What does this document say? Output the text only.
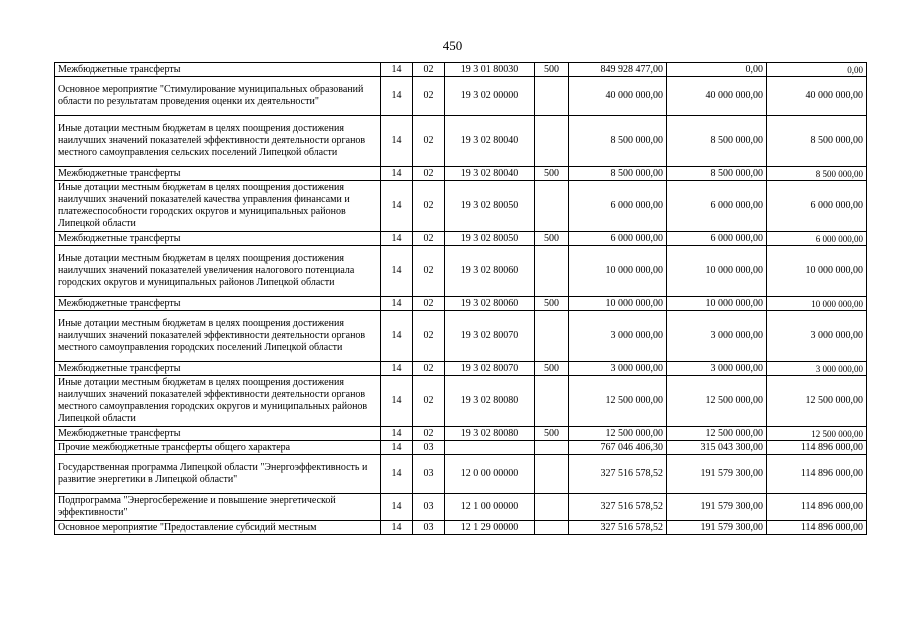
450
Межбюджетные трансферты	14	02	19 3 01 80030	500	849 928 477,00	0,00	0,00
Основное мероприятие "Стимулирование муниципальных образований области по результатам проведения оценки их деятельности"	14	02	19 3 02 00000		40 000 000,00	40 000 000,00	40 000 000,00
Иные дотации местным бюджетам в целях поощрения достижения наилучших значений показателей эффективности деятельности органов местного самоуправления сельских поселений Липецкой области	14	02	19 3 02 80040		8 500 000,00	8 500 000,00	8 500 000,00
Межбюджетные трансферты	14	02	19 3 02 80040	500	8 500 000,00	8 500 000,00	8 500 000,00
Иные дотации местным бюджетам в целях поощрения достижения наилучших значений показателей качества управления финансами и платежеспособности городских округов и муниципальных районов Липецкой области	14	02	19 3 02 80050		6 000 000,00	6 000 000,00	6 000 000,00
Межбюджетные трансферты	14	02	19 3 02 80050	500	6 000 000,00	6 000 000,00	6 000 000,00
Иные дотации местным бюджетам в целях поощрения достижения наилучших значений показателей увеличения налогового потенциала городских округов и муниципальных районов Липецкой области	14	02	19 3 02 80060		10 000 000,00	10 000 000,00	10 000 000,00
Межбюджетные трансферты	14	02	19 3 02 80060	500	10 000 000,00	10 000 000,00	10 000 000,00
Иные дотации местным бюджетам в целях поощрения достижения наилучших значений показателей эффективности деятельности органов местного самоуправления городских поселений Липецкой области	14	02	19 3 02 80070		3 000 000,00	3 000 000,00	3 000 000,00
Межбюджетные трансферты	14	02	19 3 02 80070	500	3 000 000,00	3 000 000,00	3 000 000,00
Иные дотации местным бюджетам в целях поощрения достижения наилучших значений показателей эффективности деятельности органов местного самоуправления городских округов и муниципальных районов Липецкой области	14	02	19 3 02 80080		12 500 000,00	12 500 000,00	12 500 000,00
Межбюджетные трансферты	14	02	19 3 02 80080	500	12 500 000,00	12 500 000,00	12 500 000,00
Прочие межбюджетные трансферты общего характера	14	03			767 046 406,30	315 043 300,00	114 896 000,00
Государственная программа Липецкой области "Энергоэффективность и развитие энергетики в Липецкой области"	14	03	12 0 00 00000		327 516 578,52	191 579 300,00	114 896 000,00
Подпрограмма "Энергосбережение и повышение энергетической эффективности"	14	03	12 1 00 00000		327 516 578,52	191 579 300,00	114 896 000,00
Основное мероприятие "Предоставление субсидий местным	14	03	12 1 29 00000		327 516 578,52	191 579 300,00	114 896 000,00
